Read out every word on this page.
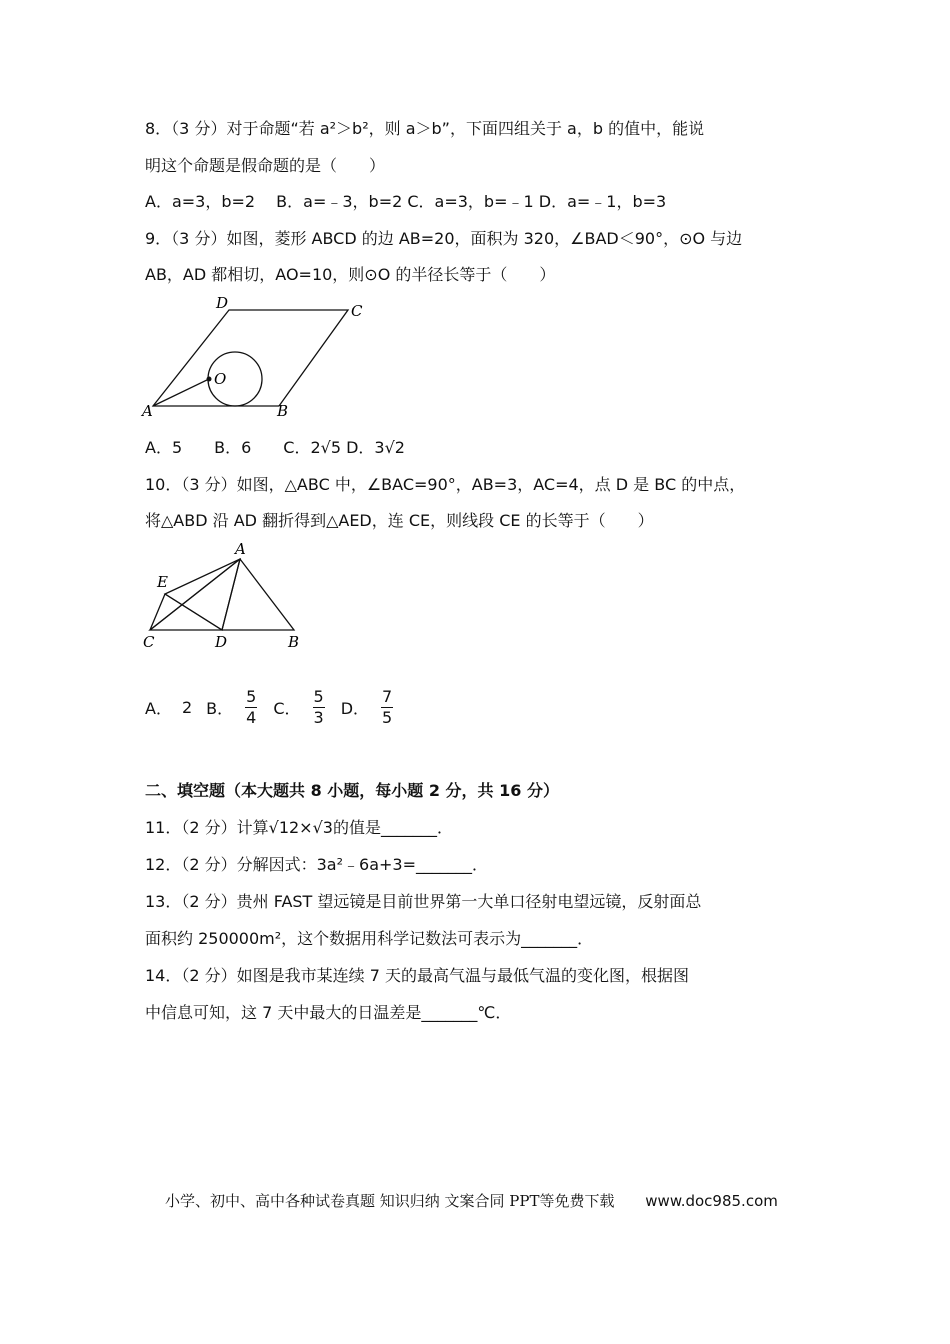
8．（3 分）对于命题“若 a²＞b²，则 a＞b”，下面四组关于 a，b 的值中，能说
明这个命题是假命题的是（　　）
A．a=3，b=2　 B．a=﹣3，b=2 C．a=3，b=﹣1 D．a=﹣1，b=3
9．（3 分）如图，菱形 ABCD 的边 AB=20，面积为 320，∠BAD＜90°，⊙O 与边
AB，AD 都相切，AO=10，则⊙O 的半径长等于（　　）
A	B
C
D
O
A．5　　B．6　　C．2√5 D．3√2
10．（3 分）如图，△ABC 中，∠BAC=90°，AB=3，AC=4，点 D 是 BC 的中点，
将△ABD 沿 AD 翻折得到△AED，连 CE，则线段 CE 的长等于（　　）
A
E
C	D	B
A． 2 B． $\frac{5}{4}$ C． $\frac{5}{3}$ D． $\frac{7}{5}$
二、填空题（本大题共 8 小题，每小题 2 分，共 16 分）
11．（2 分）计算√12×√3的值是_______．
12．（2 分）分解因式：3a²﹣6a+3=_______．
13．（2 分）贵州 FAST 望远镜是目前世界第一大单口径射电望远镜，反射面总
面积约 250000m²，这个数据用科学记数法可表示为_______．
14．（2 分）如图是我市某连续 7 天的最高气温与最低气温的变化图，根据图
中信息可知，这 7 天中最大的日温差是_______℃．
小学、初中、高中各种试卷真题 知识归纳 文案合同 PPT等免费下载 www.doc985.com
